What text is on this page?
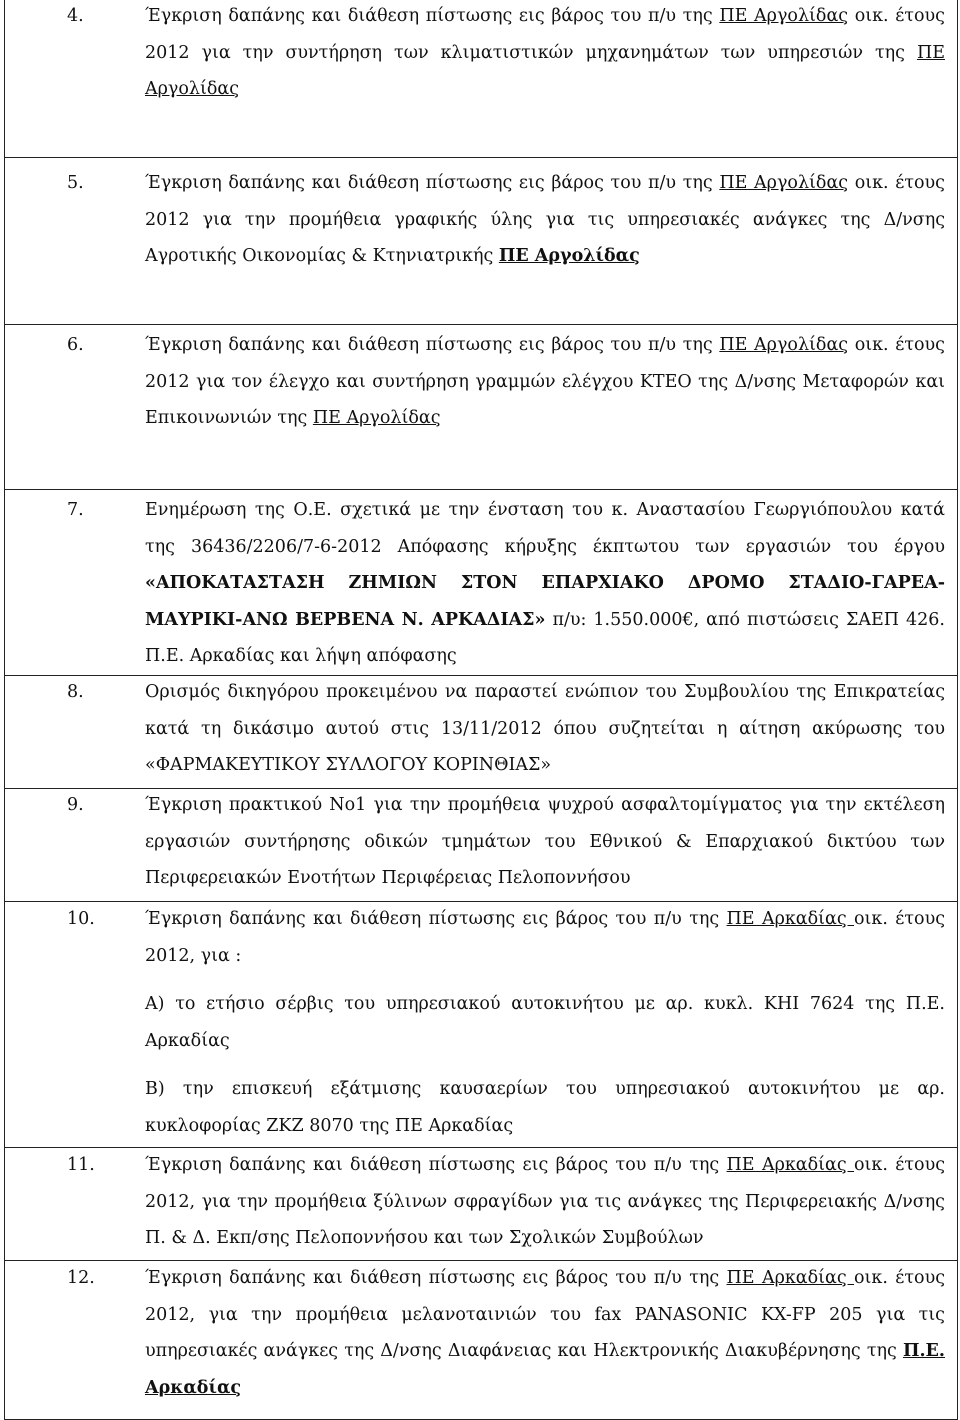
4.	Έγκριση δαπάνης και διάθεση πίστωσης εις βάρος του π/υ της ΠΕ Αργολίδας οικ. έτους 2012 για την συντήρηση των κλιματιστικών μηχανημάτων των υπηρεσιών της ΠΕ Αργολίδας
5.	Έγκριση δαπάνης και διάθεση πίστωσης εις βάρος του π/υ της ΠΕ Αργολίδας οικ. έτους 2012 για την προμήθεια γραφικής ύλης για τις υπηρεσιακές ανάγκες της Δ/νσης Αγροτικής Οικονομίας & Κτηνιατρικής ΠΕ Αργολίδας
6.	Έγκριση δαπάνης και διάθεση πίστωσης εις βάρος του π/υ της ΠΕ Αργολίδας οικ. έτους 2012 για τον έλεγχο και συντήρηση γραμμών ελέγχου ΚΤΕΟ της Δ/νσης Μεταφορών και Επικοινωνιών της ΠΕ Αργολίδας
7.	Ενημέρωση της Ο.Ε. σχετικά με την ένσταση του κ. Αναστασίου Γεωργιόπουλου κατά της 36436/2206/7-6-2012 Απόφασης κήρυξης έκπτωτου των εργασιών του έργου «ΑΠΟΚΑΤΑΣΤΑΣΗ ΖΗΜΙΩΝ ΣΤΟΝ ΕΠΑΡΧΙΑΚΟ ΔΡΟΜΟ ΣΤΑΔΙΟ-ΓΑΡΕΑ-ΜΑΥΡΙΚΙ-ΑΝΩ ΒΕΡΒΕΝΑ Ν. ΑΡΚΑΔΙΑΣ» π/υ: 1.550.000€, από πιστώσεις ΣΑΕΠ 426. Π.Ε. Αρκαδίας και λήψη απόφασης
8.	Ορισμός δικηγόρου προκειμένου να παραστεί ενώπιον του Συμβουλίου της Επικρατείας κατά τη δικάσιμο αυτού στις 13/11/2012 όπου συζητείται η αίτηση ακύρωσης του «ΦΑΡΜΑΚΕΥΤΙΚΟΥ ΣΥΛΛΟΓΟΥ ΚΟΡΙΝΘΙΑΣ»
9.	Έγκριση πρακτικού Νο1 για την προμήθεια ψυχρού ασφαλτομίγματος για την εκτέλεση εργασιών συντήρησης οδικών τμημάτων του Εθνικού & Επαρχιακού δικτύου των Περιφερειακών Ενοτήτων Περιφέρειας Πελοποννήσου
10.	Έγκριση δαπάνης και διάθεση πίστωσης εις βάρος του π/υ της ΠΕ Αρκαδίας οικ. έτους 2012, για :

Α) το ετήσιο σέρβις του υπηρεσιακού αυτοκινήτου με αρ. κυκλ. ΚΗΙ 7624 της Π.Ε. Αρκαδίας

Β) την επισκευή εξάτμισης καυσαερίων του υπηρεσιακού αυτοκινήτου με αρ. κυκλοφορίας ΖΚΖ 8070 της ΠΕ Αρκαδίας

11.	Έγκριση δαπάνης και διάθεση πίστωσης εις βάρος του π/υ της ΠΕ Αρκαδίας οικ. έτους 2012, για την προμήθεια ξύλινων σφραγίδων για τις ανάγκες της Περιφερειακής Δ/νσης Π. & Δ. Εκπ/σης Πελοποννήσου και των Σχολικών Συμβούλων
12.	Έγκριση δαπάνης και διάθεση πίστωσης εις βάρος του π/υ της ΠΕ Αρκαδίας οικ. έτους 2012, για την προμήθεια μελανοταινιών του fax PANASONIC KX-FP 205 για τις υπηρεσιακές ανάγκες της Δ/νσης Διαφάνειας και Ηλεκτρονικής Διακυβέρνησης της Π.Ε. Αρκαδίας
